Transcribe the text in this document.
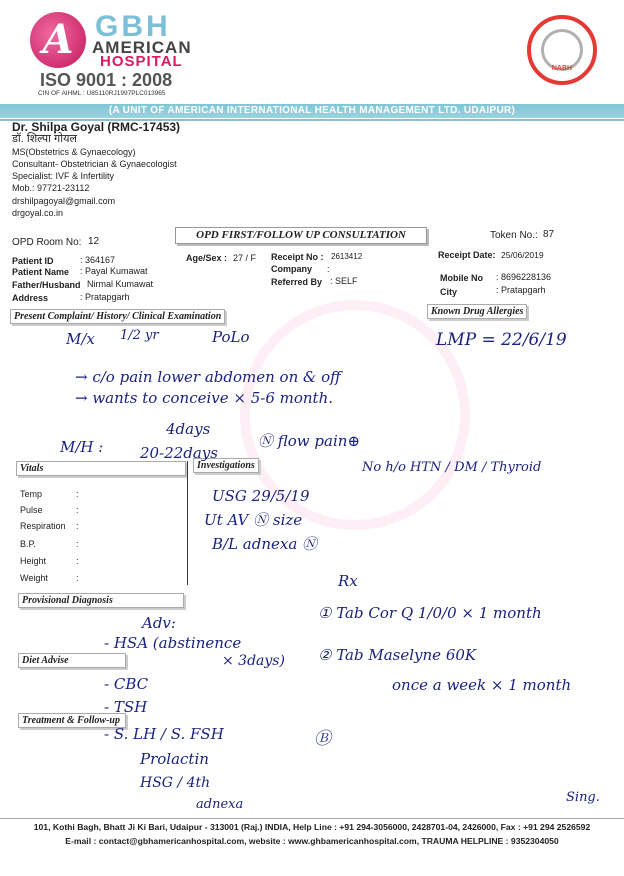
A GBH
AMERICAN
HOSPITAL
ISO 9001 : 2008
CIN OF AIHML : U85110RJ1997PLC013965
NABH
(A UNIT OF AMERICAN INTERNATIONAL HEALTH MANAGEMENT LTD. UDAIPUR)
Dr. Shilpa Goyal (RMC-17453)
डॉ. शिल्पा गोयल
MS(Obstetrics & Gynaecology)
Consultant- Obstetrician & Gynaecologist
Specialist: IVF & Infertility
Mob.: 97721-23112
drshilpagoyal@gmail.com
drgoyal.co.in
OPD Room No: 12
OPD FIRST/FOLLOW UP CONSULTATION	Token No.: 87
Patient ID	: 364167
Patient Name : Payal Kumawat
Father/Husband Nirmal Kumawat
Address	: Pratapgarh
Age/Sex : 27 / F Receipt No : 2613412
Company :
Referred By : SELF
Receipt Date: 25/06/2019
Mobile No : 8696228136
City	: Pratapgarh
Present Complaint/ History/ Clinical Examination	Known Drug Allergies
Vitals	Investigations
Provisional Diagnosis
Diet Advise
Treatment & Follow-up
Temp	:
Pulse	:
Respiration :
B.P.	:
Height	:
Weight	:
M/x 1/2 yr	PoLo	LMP = 22/6/19
→ c/o pain lower abdomen on & off
→ wants to conceive × 5-6 month.
M/H :
4days
20-22days
Ⓝ flow pain⊕
No h/o HTN / DM / Thyroid
USG 29/5/19
Ut AV Ⓝ size
B/L adnexa Ⓝ
Rx
Adv:
- HSA (abstinence
× 3days)
- CBC
- TSH
- S. LH / S. FSH
Prolactin
HSG / 4th
adnexa
① Tab Cor Q 1/0/0 × 1 month
② Tab Maselyne 60K
once a week × 1 month
Ⓑ
Sing.
101, Kothi Bagh, Bhatt Ji Ki Bari, Udaipur - 313001 (Raj.) INDIA, Help Line : +91 294-3056000, 2428701-04, 2426000, Fax : +91 294 2526592
E-mail : contact@gbhamericanhospital.com, website : www.ghbamericanhospital.com, TRAUMA HELPLINE : 9352304050
